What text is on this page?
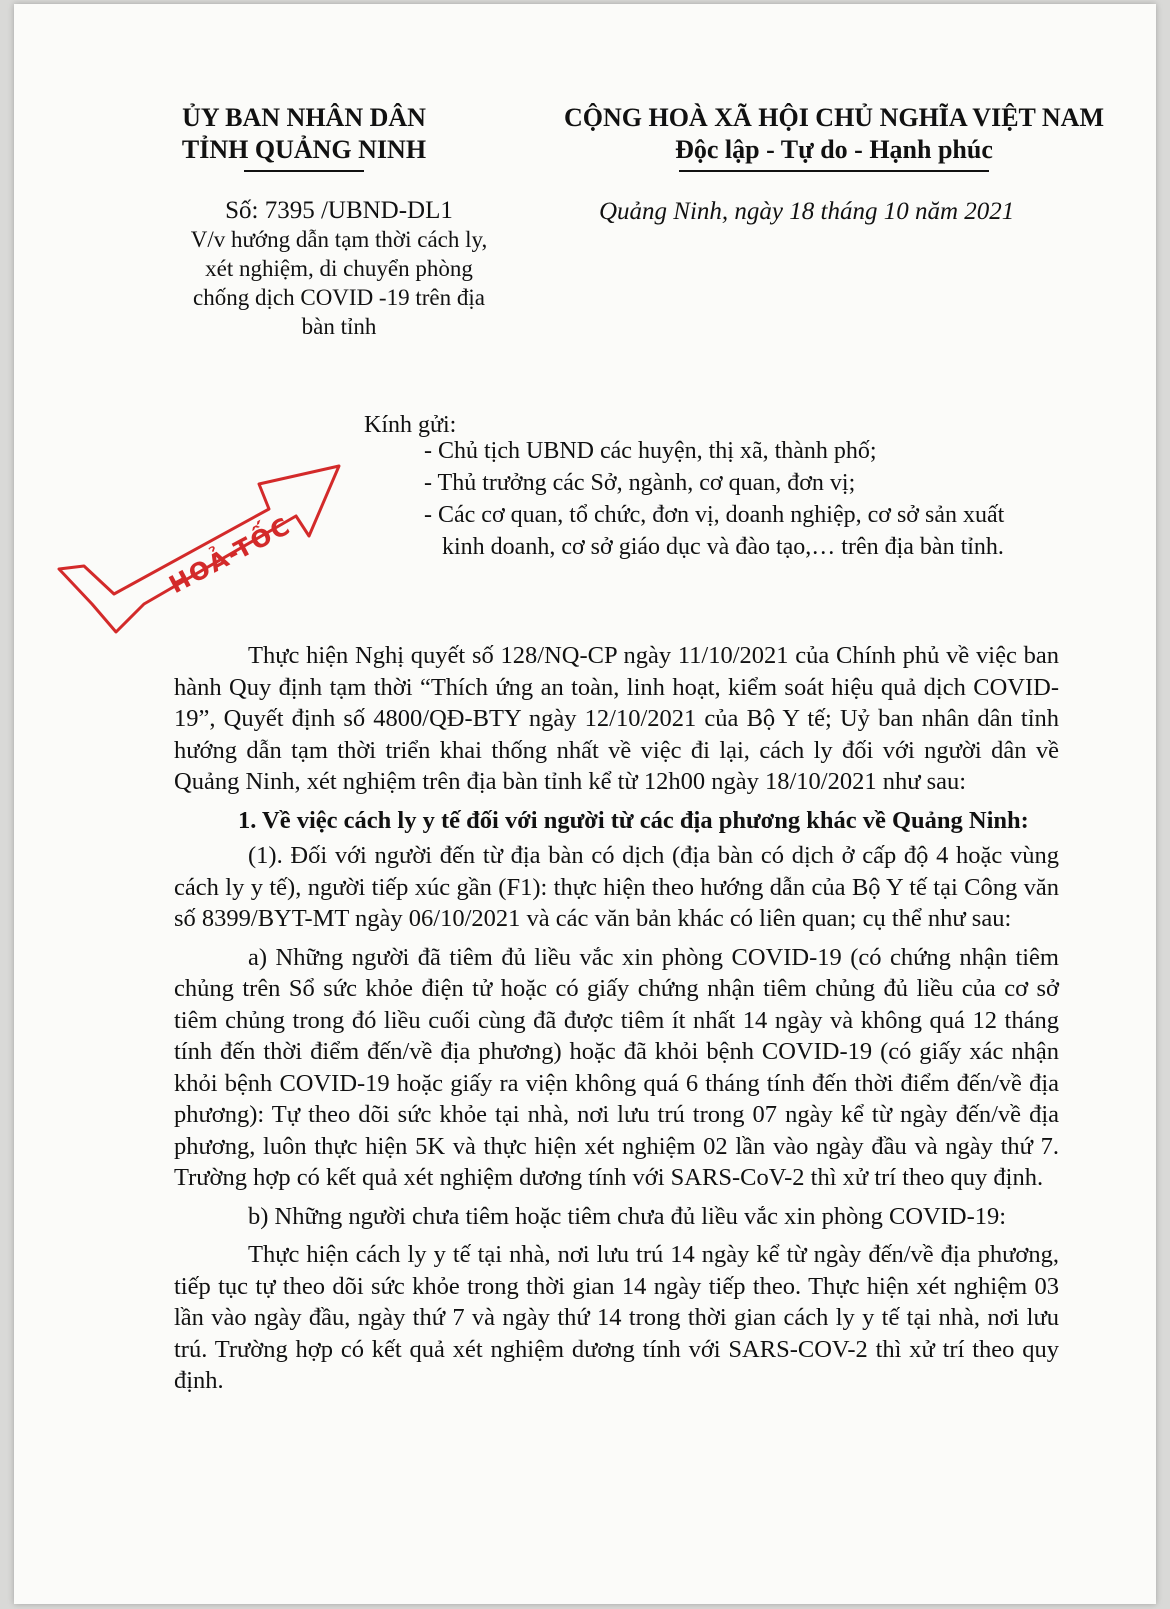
ỦY BAN NHÂN DÂN
TỈNH QUẢNG NINH
CỘNG HOÀ XÃ HỘI CHỦ NGHĨA VIỆT NAM
Độc lập - Tự do - Hạnh phúc
Số: 7395 /UBND-DL1
V/v hướng dẫn tạm thời cách ly,
xét nghiệm, di chuyển phòng
chống dịch COVID -19 trên địa
bàn tỉnh
Quảng Ninh, ngày 18 tháng 10 năm 2021
Kính gửi:
- Chủ tịch UBND các huyện, thị xã, thành phố;
- Thủ trưởng các Sở, ngành, cơ quan, đơn vị;
- Các cơ quan, tổ chức, đơn vị, doanh nghiệp, cơ sở sản xuất kinh doanh, cơ sở giáo dục và đào tạo,… trên địa bàn tỉnh.
HOẢ-TỐC

Thực hiện Nghị quyết số 128/NQ-CP ngày 11/10/2021 của Chính phủ về việc ban hành Quy định tạm thời “Thích ứng an toàn, linh hoạt, kiểm soát hiệu quả dịch COVID-19”, Quyết định số 4800/QĐ-BTY ngày 12/10/2021 của Bộ Y tế; Uỷ ban nhân dân tỉnh hướng dẫn tạm thời triển khai thống nhất về việc đi lại, cách ly đối với người dân về Quảng Ninh, xét nghiệm trên địa bàn tỉnh kể từ 12h00 ngày 18/10/2021 như sau:

1. Về việc cách ly y tế đối với người từ các địa phương khác về Quảng Ninh:

(1). Đối với người đến từ địa bàn có dịch (địa bàn có dịch ở cấp độ 4 hoặc vùng cách ly y tế), người tiếp xúc gần (F1): thực hiện theo hướng dẫn của Bộ Y tế tại Công văn số 8399/BYT-MT ngày 06/10/2021 và các văn bản khác có liên quan; cụ thể như sau:

a) Những người đã tiêm đủ liều vắc xin phòng COVID-19 (có chứng nhận tiêm chủng trên Sổ sức khỏe điện tử hoặc có giấy chứng nhận tiêm chủng đủ liều của cơ sở tiêm chủng trong đó liều cuối cùng đã được tiêm ít nhất 14 ngày và không quá 12 tháng tính đến thời điểm đến/về địa phương) hoặc đã khỏi bệnh COVID-19 (có giấy xác nhận khỏi bệnh COVID-19 hoặc giấy ra viện không quá 6 tháng tính đến thời điểm đến/về địa phương): Tự theo dõi sức khỏe tại nhà, nơi lưu trú trong 07 ngày kể từ ngày đến/về địa phương, luôn thực hiện 5K và thực hiện xét nghiệm 02 lần vào ngày đầu và ngày thứ 7. Trường hợp có kết quả xét nghiệm dương tính với SARS-CoV-2 thì xử trí theo quy định.

b) Những người chưa tiêm hoặc tiêm chưa đủ liều vắc xin phòng COVID-19:

Thực hiện cách ly y tế tại nhà, nơi lưu trú 14 ngày kể từ ngày đến/về địa phương, tiếp tục tự theo dõi sức khỏe trong thời gian 14 ngày tiếp theo. Thực hiện xét nghiệm 03 lần vào ngày đầu, ngày thứ 7 và ngày thứ 14 trong thời gian cách ly y tế tại nhà, nơi lưu trú. Trường hợp có kết quả xét nghiệm dương tính với SARS-COV-2 thì xử trí theo quy định.
